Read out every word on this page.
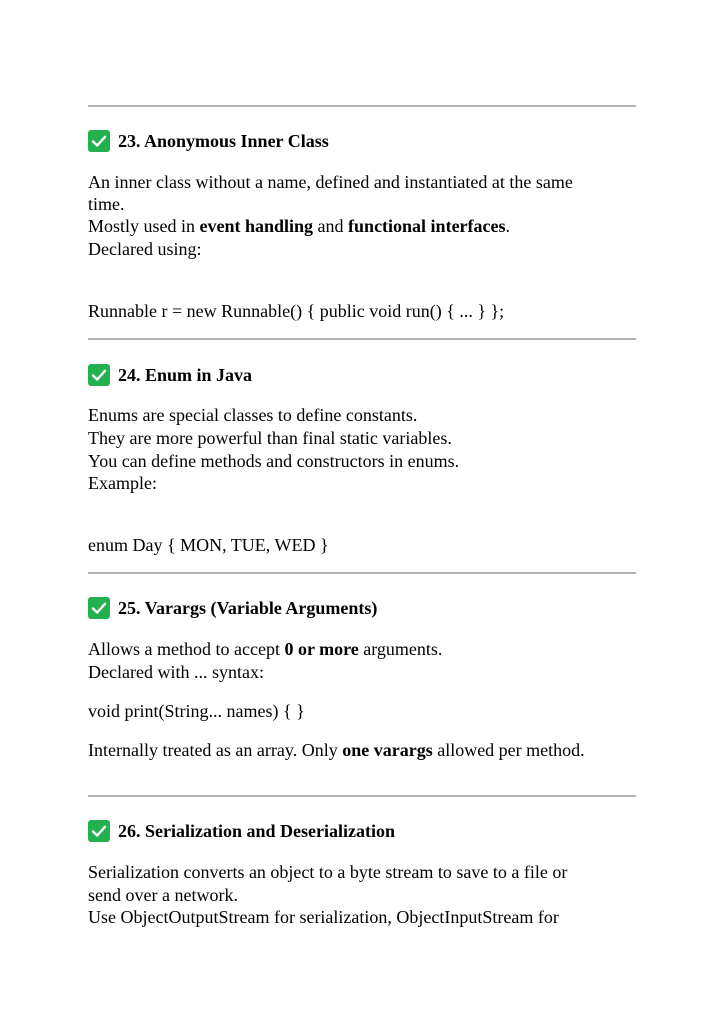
23. Anonymous Inner Class
An inner class without a name, defined and instantiated at the same
time.
Mostly used in event handling and functional interfaces.
Declared using:
Runnable r = new Runnable() { public void run() { ... } };
24. Enum in Java
Enums are special classes to define constants.
They are more powerful than final static variables.
You can define methods and constructors in enums.
Example:
enum Day { MON, TUE, WED }
25. Varargs (Variable Arguments)
Allows a method to accept 0 or more arguments.
Declared with ... syntax:
void print(String... names) { }
Internally treated as an array. Only one varargs allowed per method.
26. Serialization and Deserialization
Serialization converts an object to a byte stream to save to a file or
send over a network.
Use ObjectOutputStream for serialization, ObjectInputStream for
